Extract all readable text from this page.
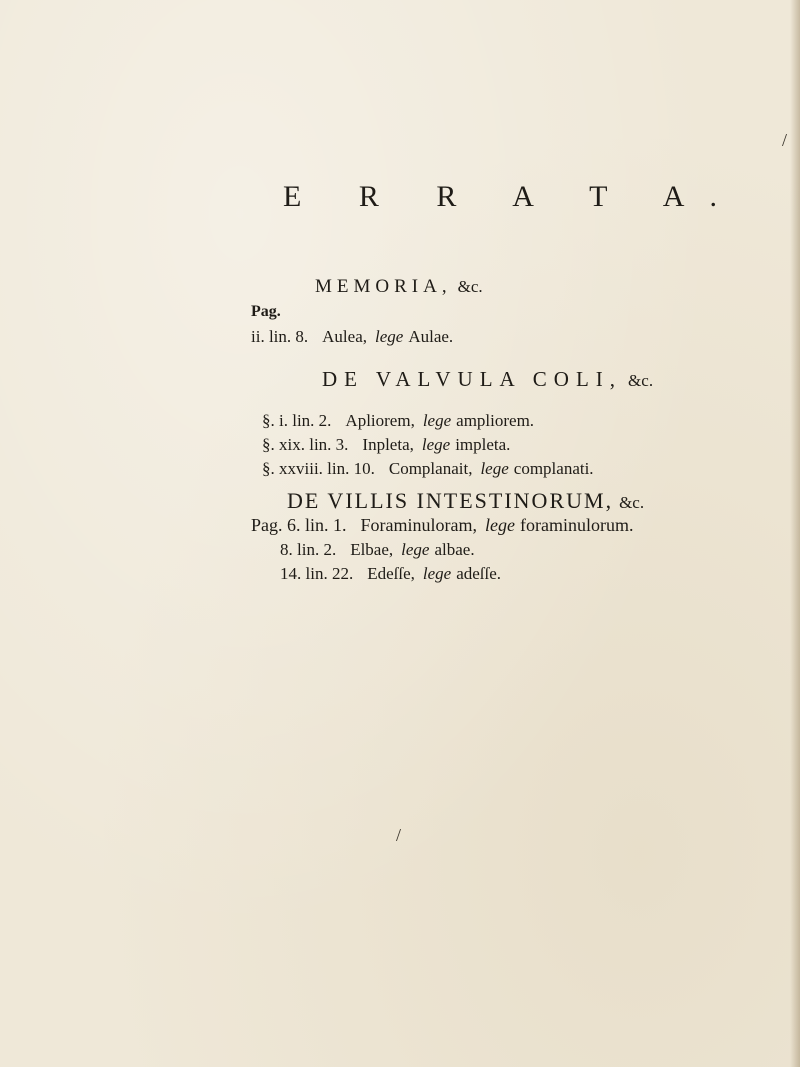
/
E R R A T A.
MEMORIA, &c.
Pag.
ii. lin. 8. Aulea, lege Aulae.
DE VALVULA COLI, &c.
§. i. lin. 2. Apliorem, lege ampliorem.
§. xix. lin. 3. Inpleta, lege impleta.
§. xxviii. lin. 10. Complanait, lege complanati.
DE VILLIS INTESTINORUM, &c.
Pag. 6. lin. 1. Foraminuloram, lege foraminulorum.
8. lin. 2. Elbae, lege albae.
14. lin. 22. Edeſſe, lege adeſſe.
/
